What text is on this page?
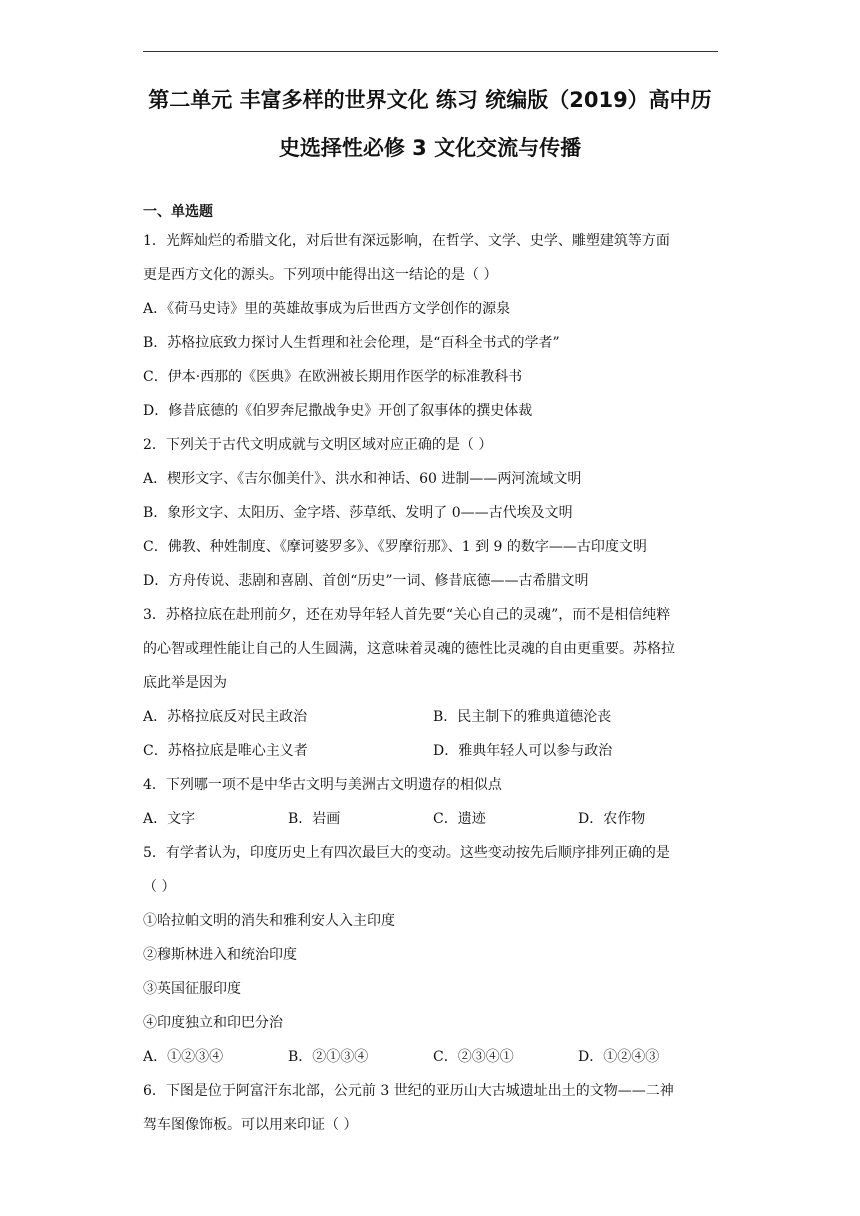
第二单元 丰富多样的世界文化 练习 统编版（2019）高中历
史选择性必修 3 文化交流与传播
一、单选题
1．光辉灿烂的希腊文化，对后世有深远影响，在哲学、文学、史学、雕塑建筑等方面
更是西方文化的源头。下列项中能得出这一结论的是（ ）
A．《荷马史诗》里的英雄故事成为后世西方文学创作的源泉
B．苏格拉底致力探讨人生哲理和社会伦理，是“百科全书式的学者”
C．伊本·西那的《医典》在欧洲被长期用作医学的标准教科书
D．修昔底德的《伯罗奔尼撒战争史》开创了叙事体的撰史体裁
2．下列关于古代文明成就与文明区域对应正确的是（ ）
A．楔形文字、《吉尔伽美什》、洪水和神话、60 进制——两河流域文明
B．象形文字、太阳历、金字塔、莎草纸、发明了 0——古代埃及文明
C．佛教、种姓制度、《摩诃婆罗多》、《罗摩衍那》、1 到 9 的数字——古印度文明
D．方舟传说、悲剧和喜剧、首创“历史”一词、修昔底德——古希腊文明
3．苏格拉底在赴刑前夕，还在劝导年轻人首先要“关心自己的灵魂”，而不是相信纯粹
的心智或理性能让自己的人生圆满，这意味着灵魂的德性比灵魂的自由更重要。苏格拉
底此举是因为
A．苏格拉底反对民主政治	B．民主制下的雅典道德沦丧
C．苏格拉底是唯心主义者	D．雅典年轻人可以参与政治
4．下列哪一项不是中华古文明与美洲古文明遗存的相似点
A．文字	B．岩画	C．遗迹	D．农作物
5．有学者认为，印度历史上有四次最巨大的变动。这些变动按先后顺序排列正确的是
（ ）
①哈拉帕文明的消失和雅利安人入主印度
②穆斯林进入和统治印度
③英国征服印度
④印度独立和印巴分治
A．①②③④	B．②①③④	C．②③④①	D．①②④③
6．下图是位于阿富汗东北部，公元前 3 世纪的亚历山大古城遗址出土的文物——二神
驾车图像饰板。可以用来印证（ ）
